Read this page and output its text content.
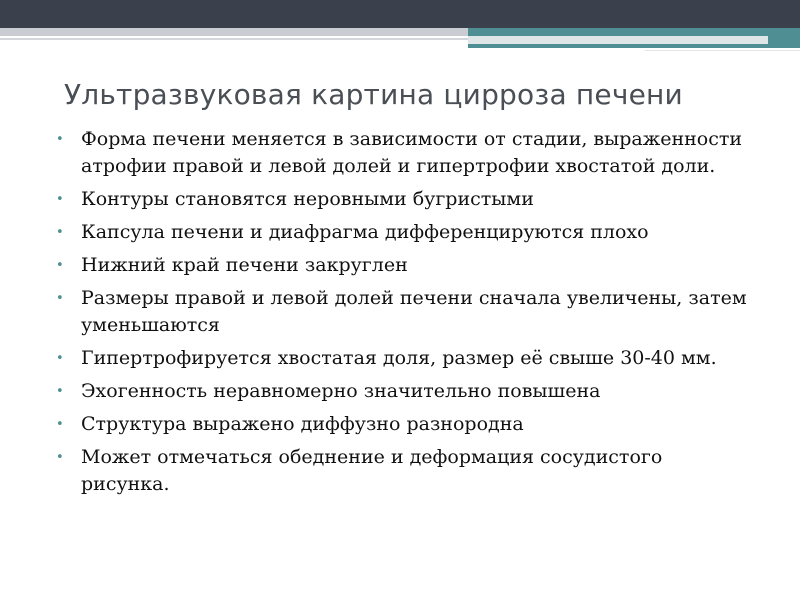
Ультразвуковая картина цирроза печени
• Форма печени меняется в зависимости от стадии, выраженности атрофии правой и левой долей и гипертрофии хвостатой доли.
• Контуры становятся неровными бугристыми
• Капсула печени и диафрагма дифференцируются плохо
• Нижний край печени закруглен
• Размеры правой и левой долей печени сначала увеличены, затем уменьшаются
• Гипертрофируется хвостатая доля, размер её свыше 30-40 мм.
• Эхогенность неравномерно значительно повышена
• Структура выражено диффузно разнородна
• Может отмечаться обеднение и деформация сосудистого рисунка.
